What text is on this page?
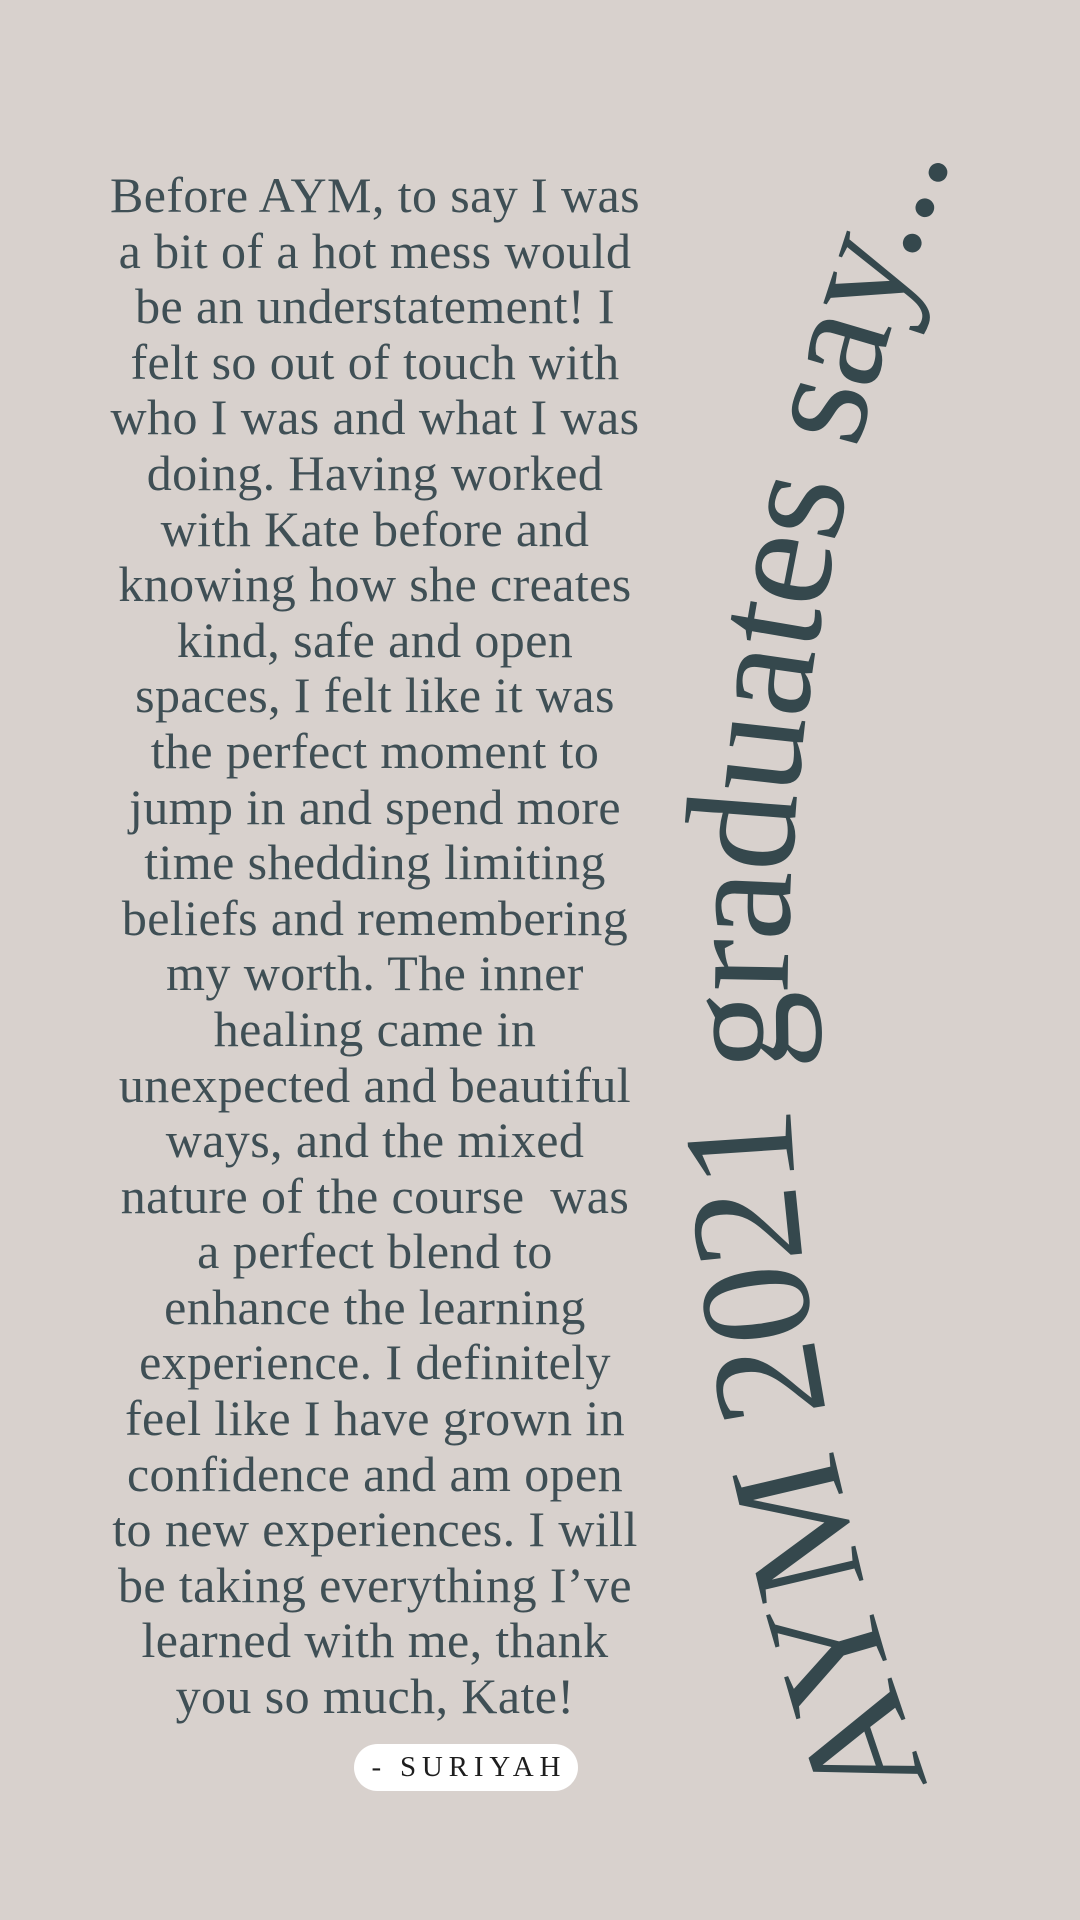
Before AYM, to say I was
a bit of a hot mess would
be an understatement! I
felt so out of touch with
who I was and what I was
doing. Having worked
with Kate before and
knowing how she creates
kind, safe and open
spaces, I felt like it was
the perfect moment to
jump in and spend more
time shedding limiting
beliefs and remembering
my worth. The inner
healing came in
unexpected and beautiful
ways, and the mixed
nature of the course  was
a perfect blend to
enhance the learning
experience. I definitely
feel like I have grown in
confidence and am open
to new experiences. I will
be taking everything I’ve
learned with me, thank
you so much, Kate!	AYM 2021 graduates say...
- SURIYAH
